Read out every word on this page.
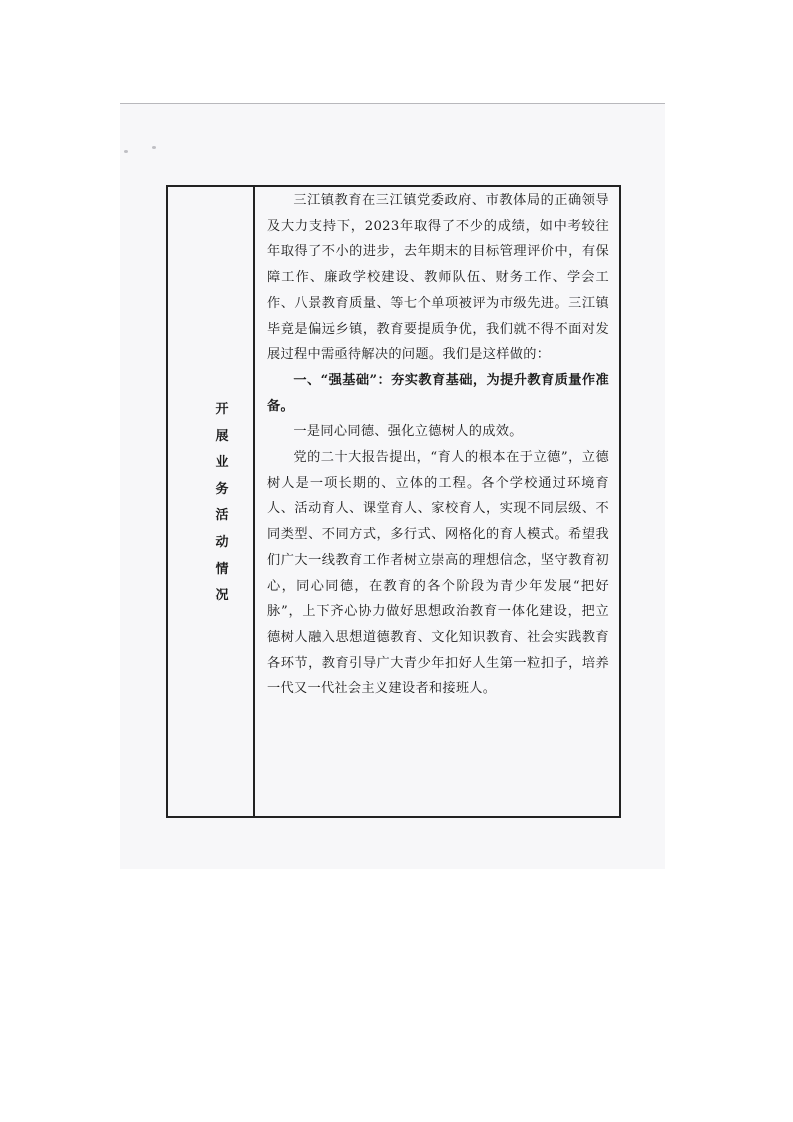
开
展
业
务
活
动
情
况

三江镇教育在三江镇党委政府、市教体局的正确领导及大力支持下，2023年取得了不少的成绩，如中考较往年取得了不小的进步，去年期末的目标管理评价中，有保障工作、廉政学校建设、教师队伍、财务工作、学会工作、八景教育质量、等七个单项被评为市级先进。三江镇毕竟是偏远乡镇，教育要提质争优，我们就不得不面对发展过程中需亟待解决的问题。我们是这样做的：

一、“强基础”：夯实教育基础，为提升教育质量作准备。

一是同心同德、强化立德树人的成效。

党的二十大报告提出，“育人的根本在于立德”，立德树人是一项长期的、立体的工程。各个学校通过环境育人、活动育人、课堂育人、家校育人，实现不同层级、不同类型、不同方式，多行式、网格化的育人模式。希望我们广大一线教育工作者树立崇高的理想信念，坚守教育初心，同心同德，在教育的各个阶段为青少年发展“把好脉”，上下齐心协力做好思想政治教育一体化建设，把立德树人融入思想道德教育、文化知识教育、社会实践教育各环节，教育引导广大青少年扣好人生第一粒扣子，培养一代又一代社会主义建设者和接班人。
